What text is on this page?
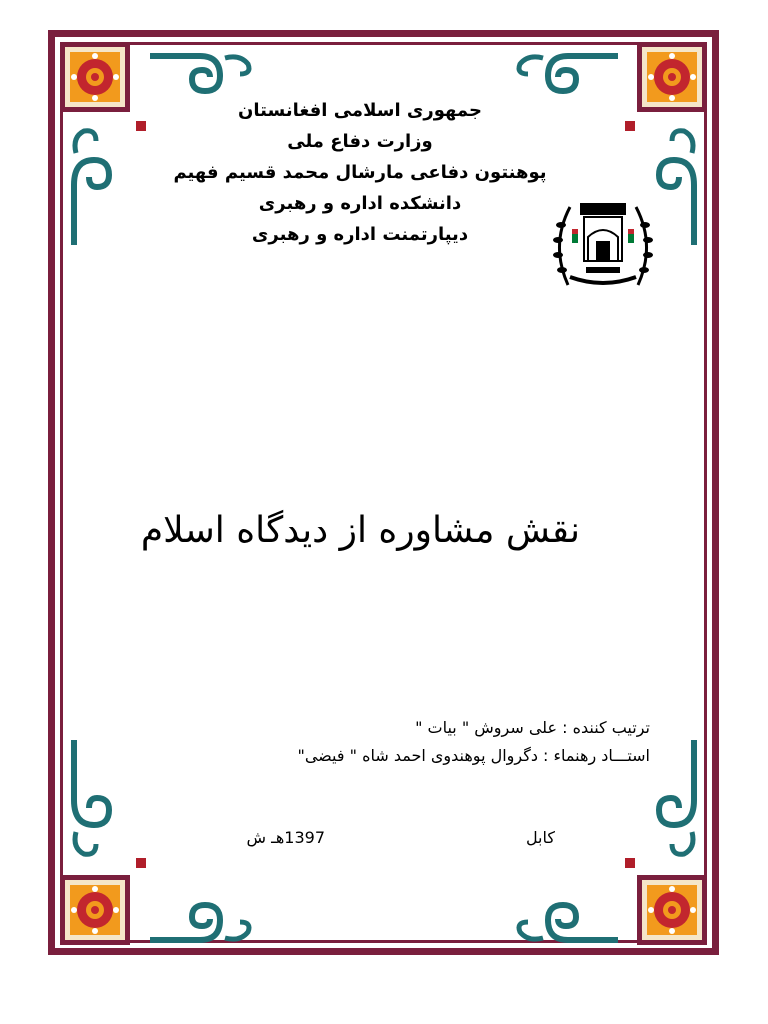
جمهوری اسلامی افغانستان
وزارت دفاع ملی
پوهنتون دفاعی مارشال محمد قسیم فهیم
دانشکده اداره و رهبری
دیپارتمنت اداره و رهبری
نقش مشاوره از دیدگاه اسلام
ترتیب کننده : علی سروش " بیات "
استـــاد رهنماء : دگروال پوهندوی احمد شاه " فیضی"
کابل
1397هـ ش
